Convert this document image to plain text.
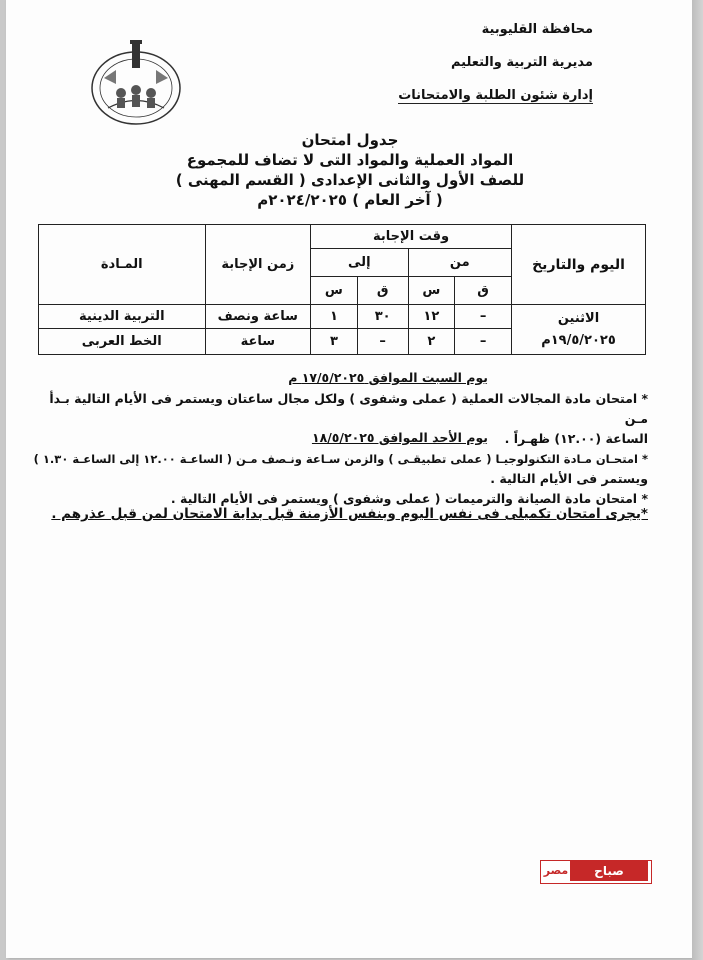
محافظة القليوبية
مديرية التربية والتعليم
إدارة شئون الطلبة والامتحانات
جدول امتحان
المواد العملية والمواد التى لا تضاف للمجموع
للصف الأول والثانى الإعدادى ( القسم المهنى )
( آخر العام ) ٢٠٢٤/٢٠٢٥م
اليوم والتاريخ	وقت الإجابة				زمن الإجابة	المـادة
	من		إلى			
	ق	س	ق	س		

الاثنين
١٩/٥/٢٠٢٥م	–	١٢	٣٠	١	ساعة ونصف	التربية الدينية
	–	٢	–	٣	ساعة	الخط العربى
يوم السبت الموافق ١٧/٥/٢٠٢٥ م
* امتحان مادة المجالات العملية ( عملى وشفوى ) ولكل مجال ساعتان ويستمر فى الأيام التالية بـدأ مـن
الساعة (١٢.٠٠) ظهـراً .
يوم الأحد الموافق ١٨/٥/٢٠٢٥
* امتحـان مـادة التكنولوجيـا ( عملى تطبيقـى ) والزمن سـاعة ونـصف مـن ( الساعـة ١٢.٠٠ إلى الساعـة ١.٣٠ )
ويستمر فى الأيام التالية .
* امتحان مادة الصيانة والترميمات ( عملى وشفوى ) ويستمر فى الأيام التالية .
*يجرى امتحان تكميلى فى نفس اليوم وبنفس الأزمنة قبل بداية الامتحان لمن قبل عذرهم .
صباح
مصر
